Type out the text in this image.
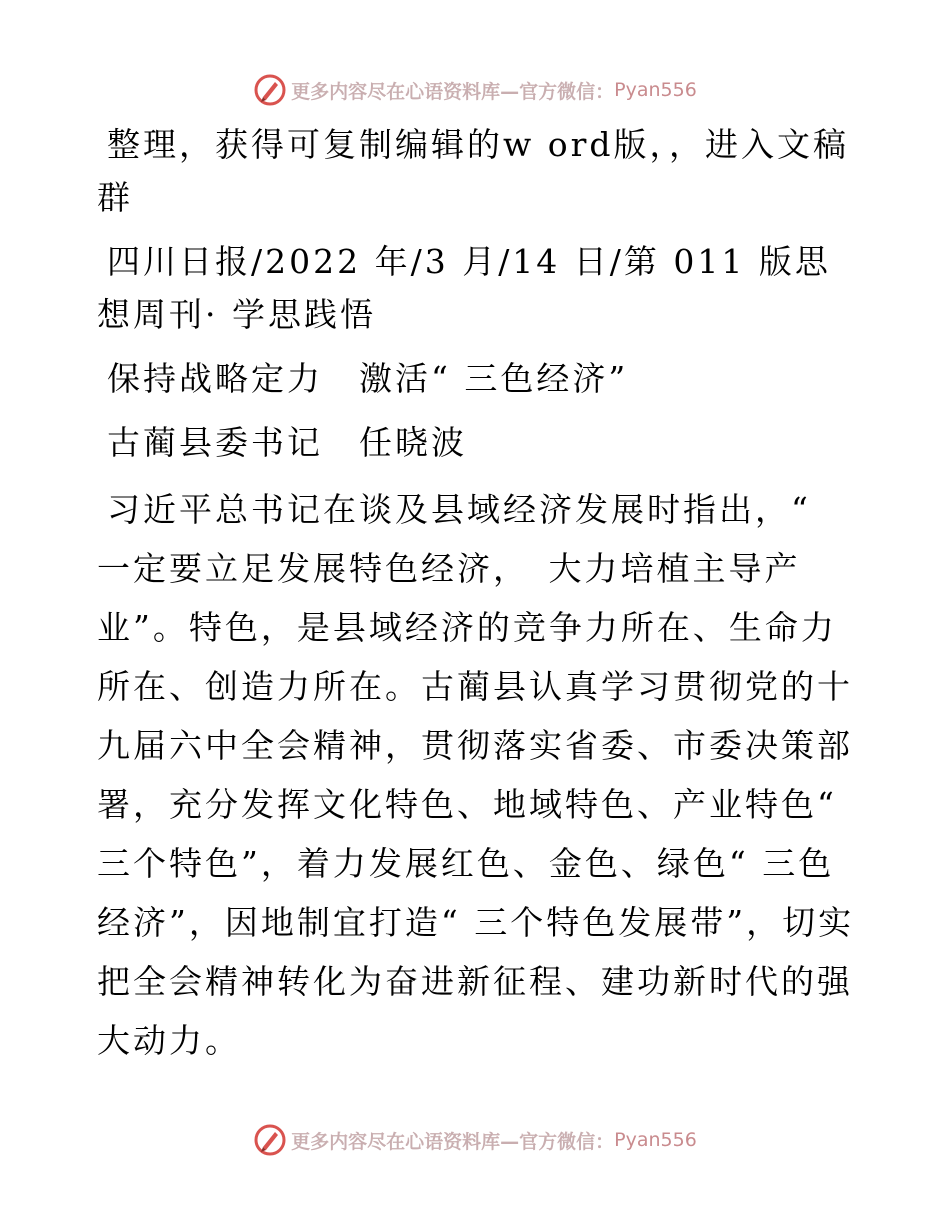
更多内容尽在心语资料库—官方微信： Pyan556

整理，获得可复制编辑的w ord版，，进入文稿群

四川日报/2022 年/3 月/14 日/第 011 版思想周刊· 学思践悟

保持战略定力　激活“ 三色经济”

古蔺县委书记　任晓波

习近平总书记在谈及县域经济发展时指出，“ 一定要立足发展特色经济，　大力培植主导产业”。特色，是县域经济的竞争力所在、生命力所在、创造力所在。古蔺县认真学习贯彻党的十九届六中全会精神，贯彻落实省委、市委决策部署，充分发挥文化特色、地域特色、产业特色“ 三个特色”，着力发展红色、金色、绿色“ 三色经济”，因地制宜打造“ 三个特色发展带”，切实把全会精神转化为奋进新征程、建功新时代的强大动力。

更多内容尽在心语资料库—官方微信： Pyan556
